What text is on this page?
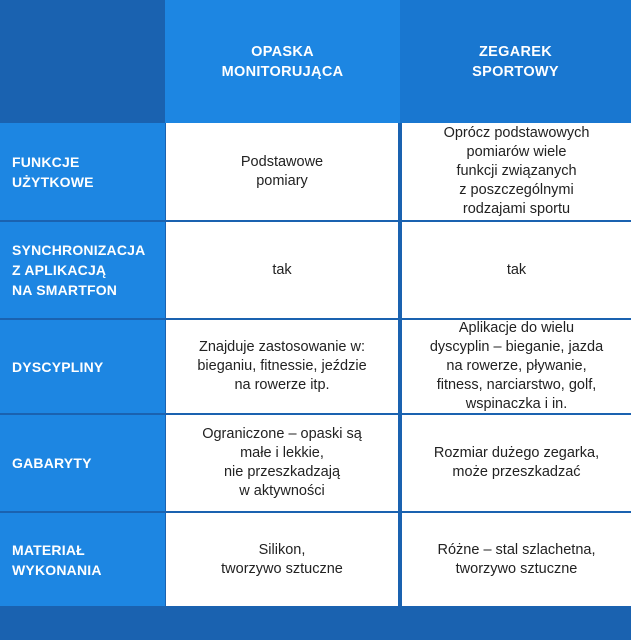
OPASKA
MONITORUJĄCA
ZEGAREK
SPORTOWY
FUNKCJE
UŻYTKOWE
Podstawowe
pomiary
Oprócz podstawowych
pomiarów wiele
funkcji związanych
z poszczególnymi
rodzajami sportu
SYNCHRONIZACJA
Z APLIKACJĄ
NA SMARTFON
tak	tak
DYSCYPLINY
Znajduje zastosowanie w:
bieganiu, fitnessie, jeździe
na rowerze itp.
Aplikacje do wielu
dyscyplin – bieganie, jazda
na rowerze, pływanie,
fitness, narciarstwo, golf,
wspinaczka i in.
GABARYTY
Ograniczone – opaski są
małe i lekkie,
nie przeszkadzają
w aktywności
Rozmiar dużego zegarka,
może przeszkadzać
MATERIAŁ
WYKONANIA
Silikon,
tworzywo sztuczne
Różne – stal szlachetna,
tworzywo sztuczne
